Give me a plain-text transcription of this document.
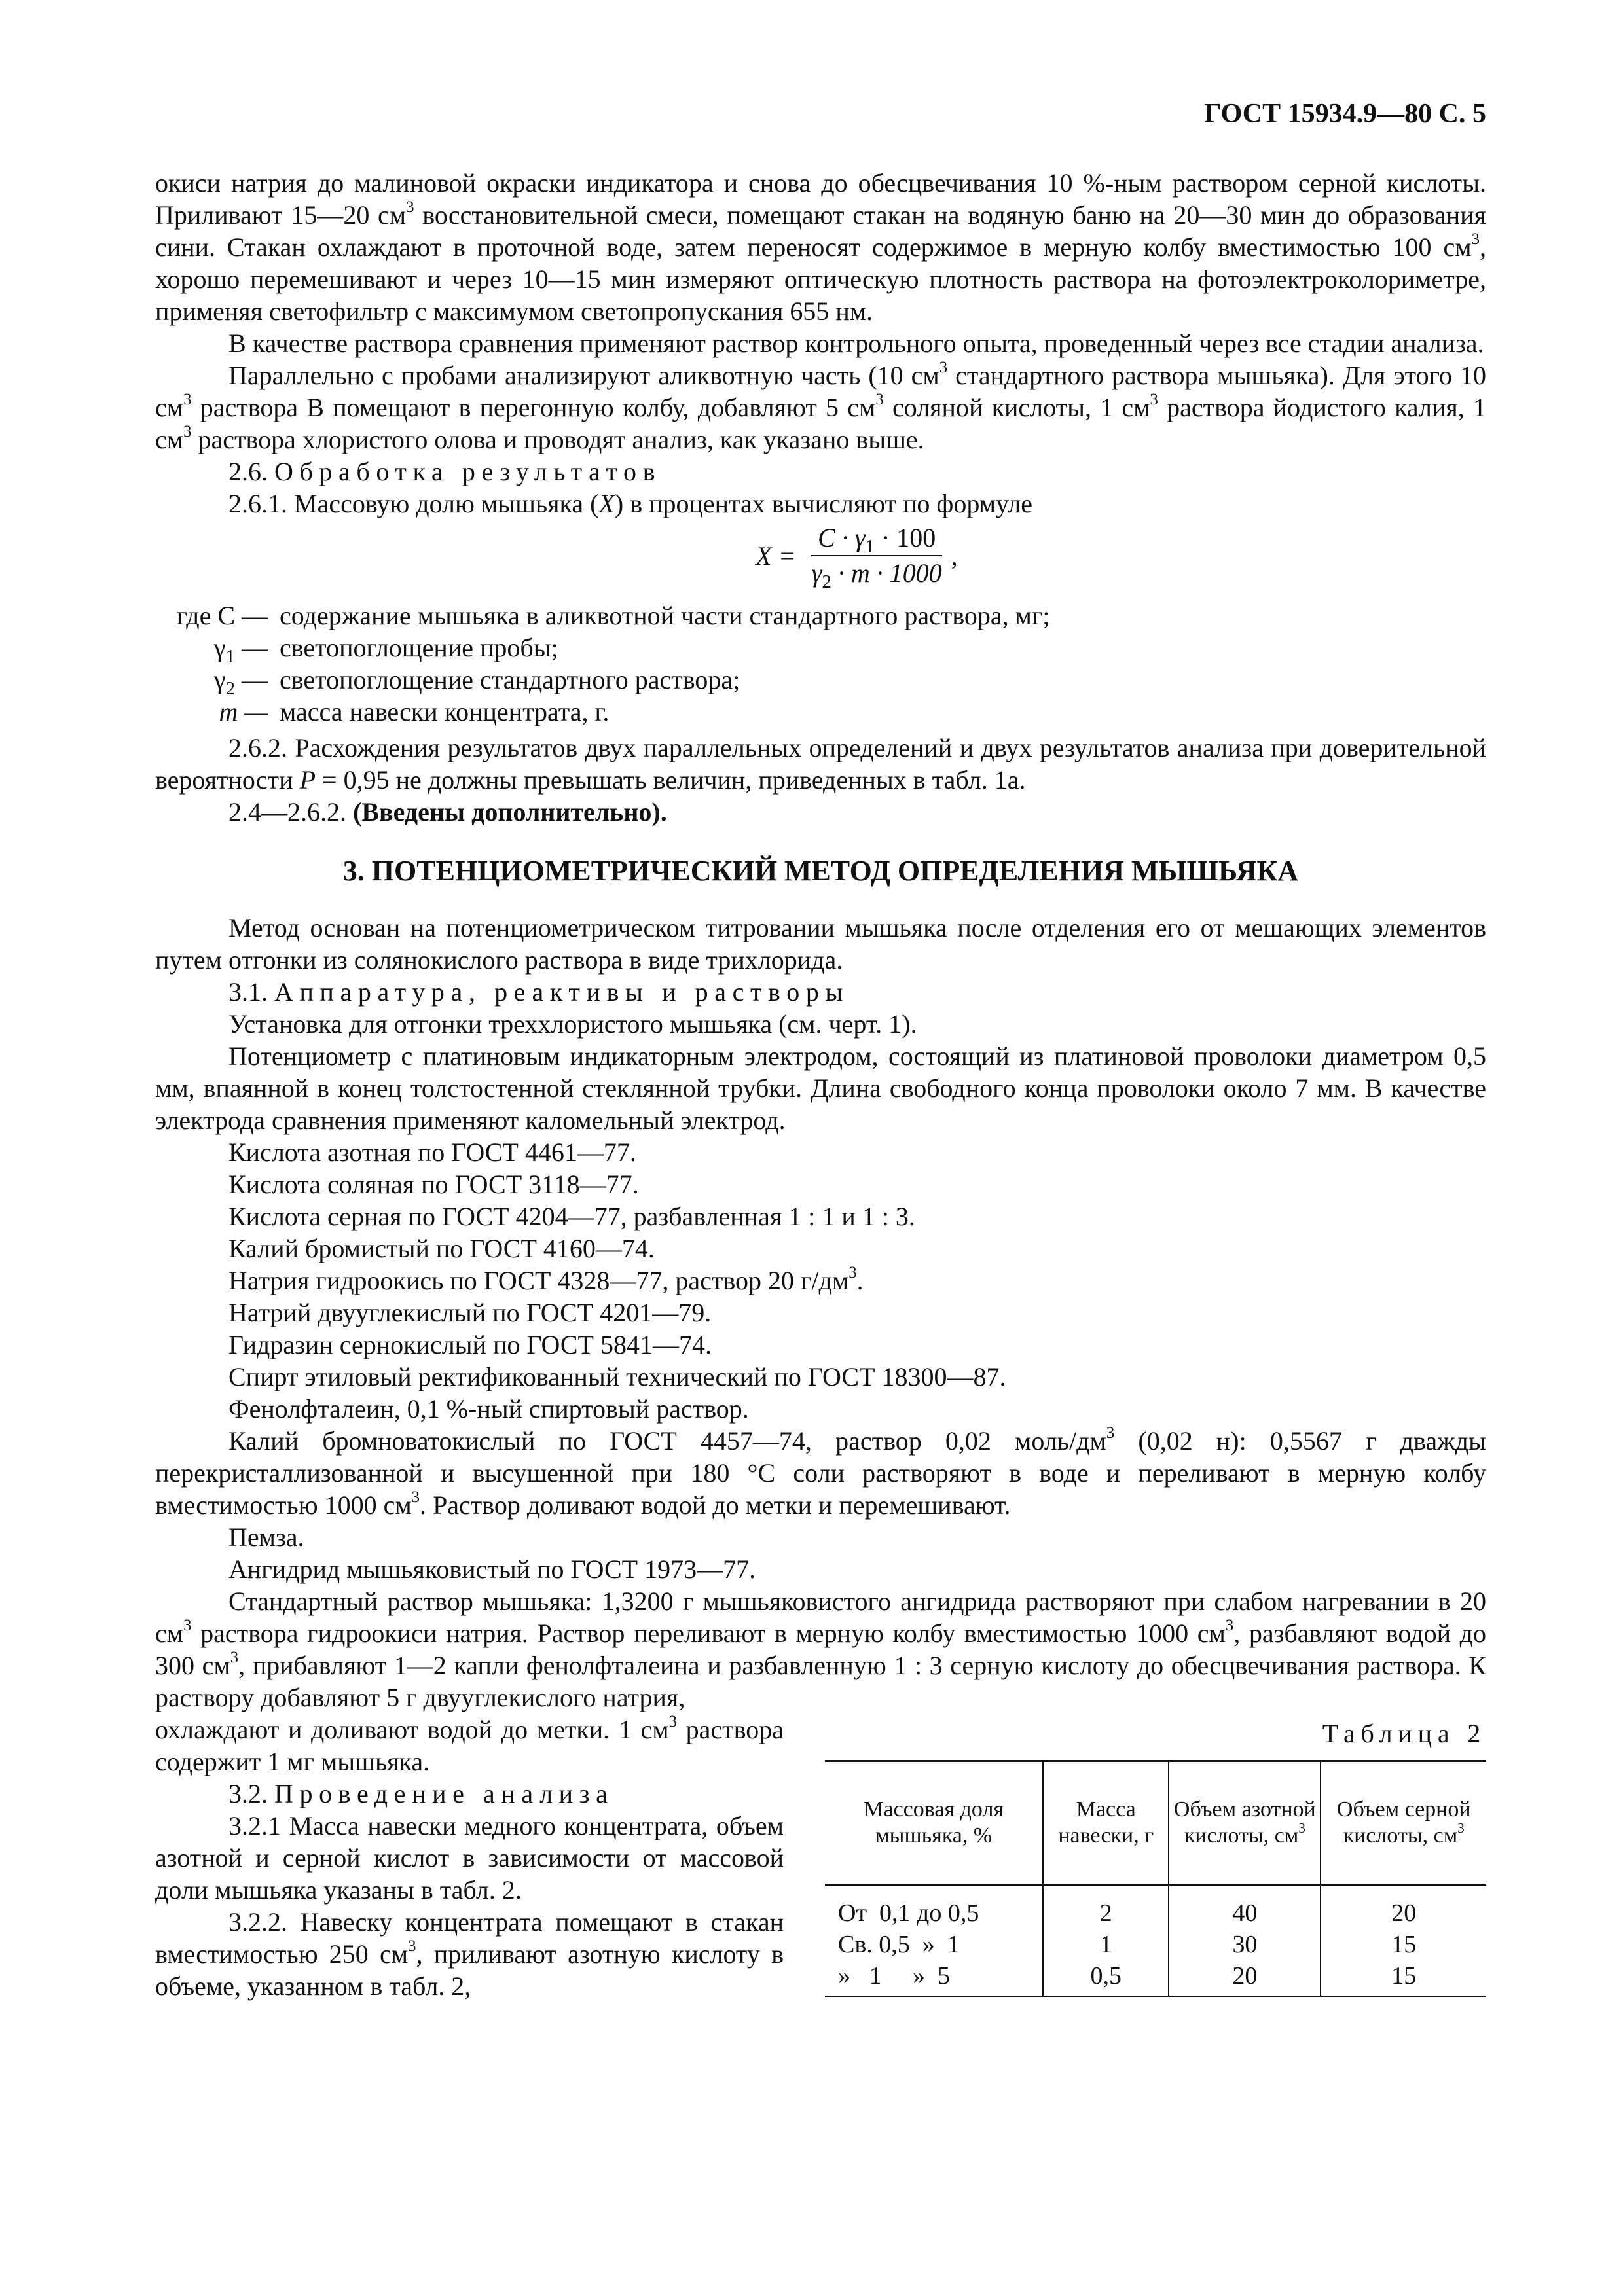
ГОСТ 15934.9—80 С. 5

окиси натрия до малиновой окраски индикатора и снова до обесцвечивания 10 %-ным раствором серной кислоты. Приливают 15—20 $см^3$ восстановительной смеси, помещают стакан на водяную баню на 20—30 мин до образования сини. Стакан охлаждают в проточной воде, затем переносят содержимое в мерную колбу вместимостью 100 $см^3$, хорошо перемешивают и через 10—15 мин измеряют оптическую плотность раствора на фотоэлектроколориметре, применяя светофильтр с максимумом светопропускания 655 нм.

В качестве раствора сравнения применяют раствор контрольного опыта, проведенный через все стадии анализа.

Параллельно с пробами анализируют аликвотную часть (10 $см^3$ стандартного раствора мышьяка). Для этого 10 $см^3$ раствора В помещают в перегонную колбу, добавляют 5 $см^3$ соляной кислоты, 1 $см^3$ раствора йодистого калия, 1 $см^3$ раствора хлористого олова и проводят анализ, как указано выше.

2.6. Обработка результатов

2.6.1. Массовую долю мышьяка (X) в процентах вычисляют по формуле

$X = \frac{C \cdot \gamma_1 \cdot 100}{\gamma_2 \cdot m \cdot 1000}$ ,
где C — содержание мышьяка в аликвотной части стандартного раствора, мг;
$\gamma_1$ — светопоглощение пробы;
$\gamma_2$ — светопоглощение стандартного раствора;
m — масса навески концентрата, г.

2.6.2. Расхождения результатов двух параллельных определений и двух результатов анализа при доверительной вероятности P = 0,95 не должны превышать величин, приведенных в табл. 1а.

2.4—2.6.2. (Введены дополнительно).

3. ПОТЕНЦИОМЕТРИЧЕСКИЙ МЕТОД ОПРЕДЕЛЕНИЯ МЫШЬЯКА

Метод основан на потенциометрическом титровании мышьяка после отделения его от мешающих элементов путем отгонки из солянокислого раствора в виде трихлорида.

3.1. Аппаратура, реактивы и растворы

Установка для отгонки треххлористого мышьяка (см. черт. 1).

Потенциометр с платиновым индикаторным электродом, состоящий из платиновой проволоки диаметром 0,5 мм, впаянной в конец толстостенной стеклянной трубки. Длина свободного конца проволоки около 7 мм. В качестве электрода сравнения применяют каломельный электрод.

Кислота азотная по ГОСТ 4461—77.

Кислота соляная по ГОСТ 3118—77.

Кислота серная по ГОСТ 4204—77, разбавленная 1 : 1 и 1 : 3.

Калий бромистый по ГОСТ 4160—74.

Натрия гидроокись по ГОСТ 4328—77, раствор 20 $г/дм^3$.

Натрий двууглекислый по ГОСТ 4201—79.

Гидразин сернокислый по ГОСТ 5841—74.

Спирт этиловый ректификованный технический по ГОСТ 18300—87.

Фенолфталеин, 0,1 %-ный спиртовый раствор.

Калий бромноватокислый по ГОСТ 4457—74, раствор 0,02 моль/$дм^3$ (0,02 н): 0,5567 г дважды перекристаллизованной и высушенной при 180 °С соли растворяют в воде и переливают в мерную колбу вместимостью 1000 $см^3$. Раствор доливают водой до метки и перемешивают.

Пемза.

Ангидрид мышьяковистый по ГОСТ 1973—77.

Стандартный раствор мышьяка: 1,3200 г мышьяковистого ангидрида растворяют при слабом нагревании в 20 $см^3$ раствора гидроокиси натрия. Раствор переливают в мерную колбу вместимостью 1000 $см^3$, разбавляют водой до 300 $см^3$, прибавляют 1—2 капли фенолфталеина и разбавленную 1 : 3 серную кислоту до обесцвечивания раствора. К раствору добавляют 5 г двууглекислого натрия,

охлаждают и доливают водой до метки. 1 $см^3$ раствора содержит 1 мг мышьяка.

3.2. Проведение анализа

3.2.1 Масса навески медного концентрата, объем азотной и серной кислот в зависимости от массовой доли мышьяка указаны в табл. 2.

3.2.2. Навеску концентрата помещают в стакан вместимостью 250 $см^3$, приливают азотную кислоту в объеме, указанном в табл. 2,

Таблица 2
Массовая доля мышьяка, %	Масса навески, г	Объем азотной кислоты, $см^3$	Объем серной кислоты, $см^3$
От  0,1 до 0,5	2	40	20
Св. 0,5  »  1	1	30	15
»   1     »  5	0,5	20	15
